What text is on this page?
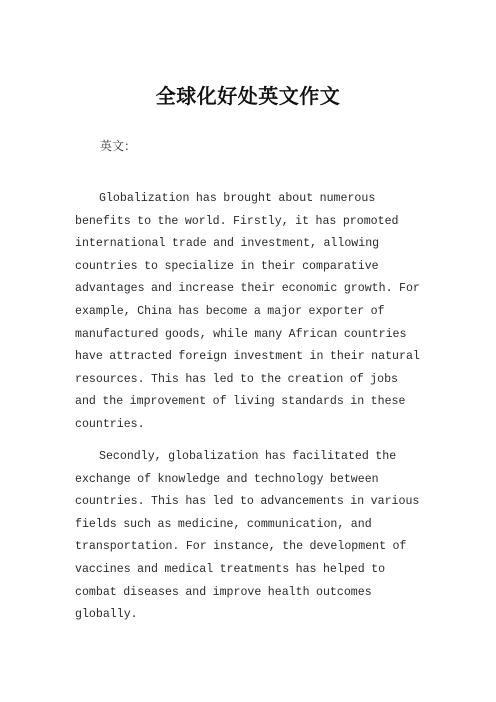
全球化好处英文作文
英文：

Globalization has brought about numerous benefits to the world. Firstly, it has promoted international trade and investment, allowing countries to specialize in their comparative advantages and increase their economic growth. For example, China has become a major exporter of manufactured goods, while many African countries have attracted foreign investment in their natural resources. This has led to the creation of jobs and the improvement of living standards in these countries.

Secondly, globalization has facilitated the exchange of knowledge and technology between countries. This has led to advancements in various fields such as medicine, communication, and transportation. For instance, the development of vaccines and medical treatments has helped to combat diseases and improve health outcomes globally.
